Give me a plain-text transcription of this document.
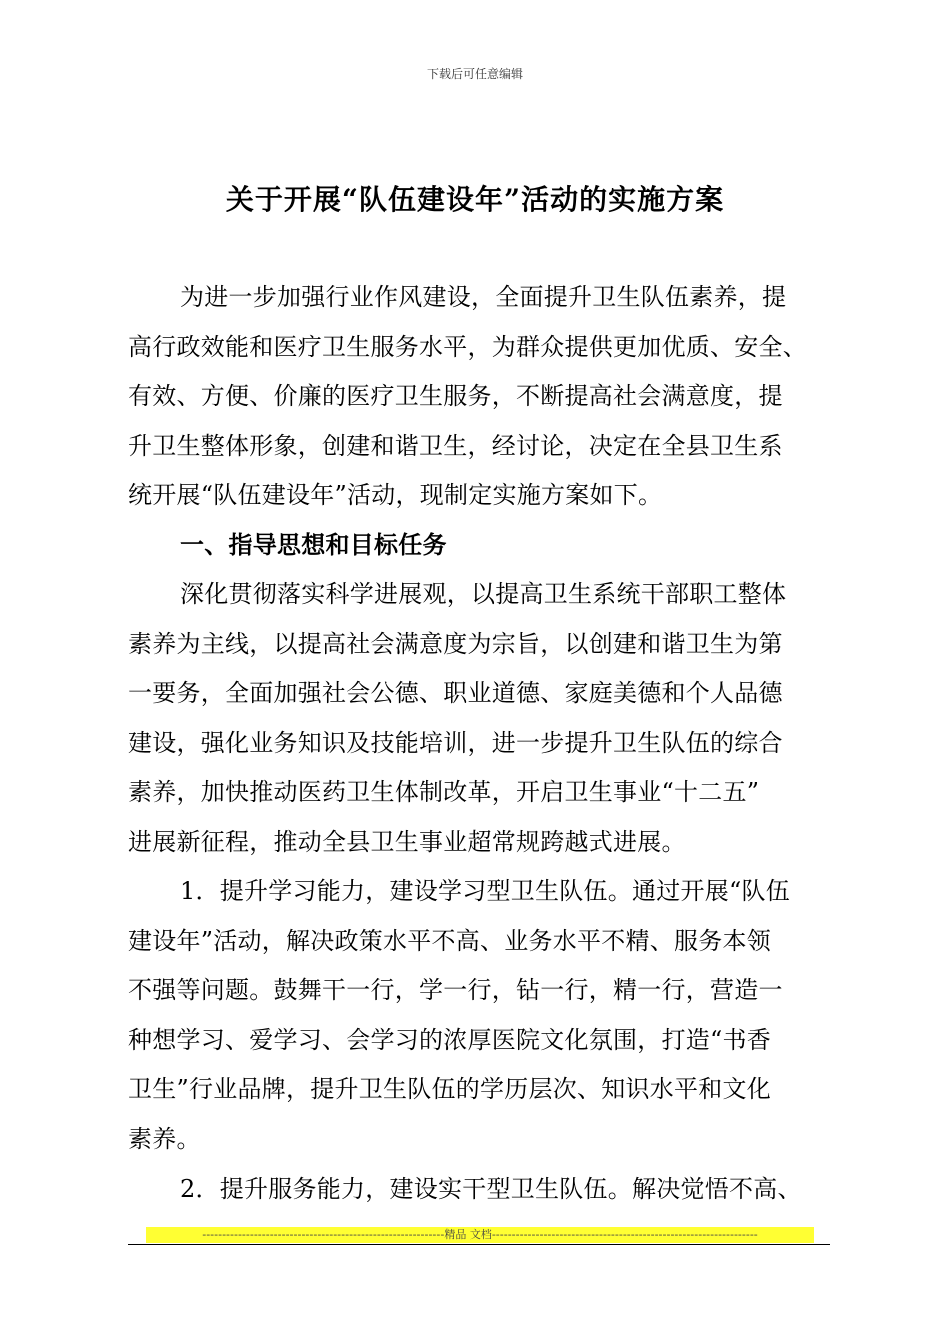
下载后可任意编辑
关于开展“队伍建设年”活动的实施方案
为进一步加强行业作风建设，全面提升卫生队伍素养，提
高行政效能和医疗卫生服务水平，为群众提供更加优质、安全、
有效、方便、价廉的医疗卫生服务，不断提高社会满意度，提
升卫生整体形象，创建和谐卫生，经讨论，决定在全县卫生系
统开展“队伍建设年”活动，现制定实施方案如下。
一、指导思想和目标任务
深化贯彻落实科学进展观，以提高卫生系统干部职工整体
素养为主线，以提高社会满意度为宗旨，以创建和谐卫生为第
一要务，全面加强社会公德、职业道德、家庭美德和个人品德
建设，强化业务知识及技能培训，进一步提升卫生队伍的综合
素养，加快推动医药卫生体制改革，开启卫生事业“十二五”
进展新征程，推动全县卫生事业超常规跨越式进展。
1．提升学习能力，建设学习型卫生队伍。通过开展“队伍
建设年”活动，解决政策水平不高、业务水平不精、服务本领
不强等问题。鼓舞干一行，学一行，钻一行，精一行，营造一
种想学习、爱学习、会学习的浓厚医院文化氛围，打造“书香
卫生”行业品牌，提升卫生队伍的学历层次、知识水平和文化
素养。
2．提升服务能力，建设实干型卫生队伍。解决觉悟不高、
-------------------------------------------------------------精品 文档-------------------------------------------------------------------
